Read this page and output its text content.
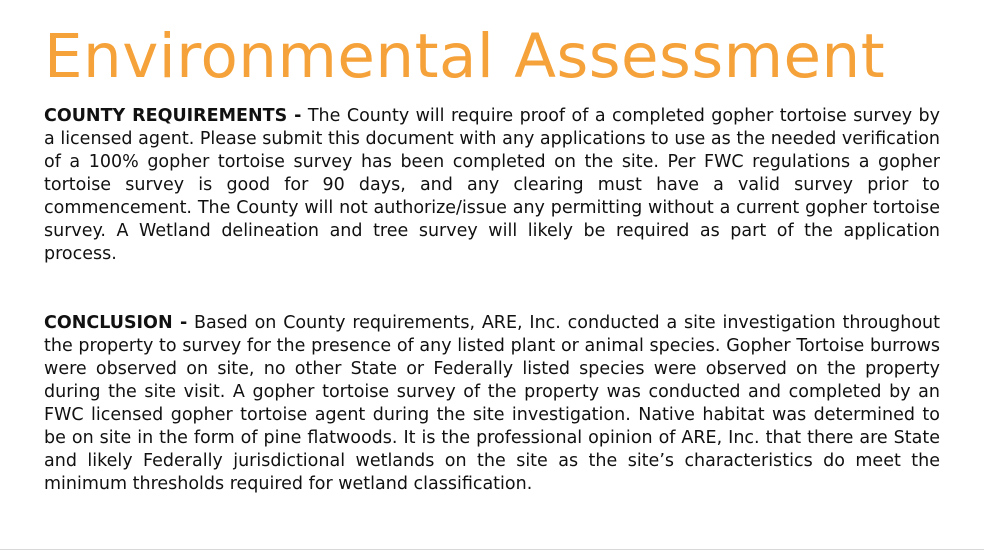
Environmental Assessment

COUNTY REQUIREMENTS - The County will require proof of a completed gopher tortoise survey by a licensed agent. Please submit this document with any applications to use as the needed verification of a 100% gopher tortoise survey has been completed on the site. Per FWC regulations a gopher tortoise survey is good for 90 days, and any clearing must have a valid survey prior to commencement. The County will not authorize/issue any permitting without a current gopher tortoise survey. A Wetland delineation and tree survey will likely be required as part of the application process.

CONCLUSION - Based on County requirements, ARE, Inc. conducted a site investigation throughout the property to survey for the presence of any listed plant or animal species. Gopher Tortoise burrows were observed on site, no other State or Federally listed species were observed on the property during the site visit. A gopher tortoise survey of the property was conducted and completed by an FWC licensed gopher tortoise agent during the site investigation. Native habitat was determined to be on site in the form of pine flatwoods. It is the professional opinion of ARE, Inc. that there are State and likely Federally jurisdictional wetlands on the site as the site’s characteristics do meet the minimum thresholds required for wetland classification.
